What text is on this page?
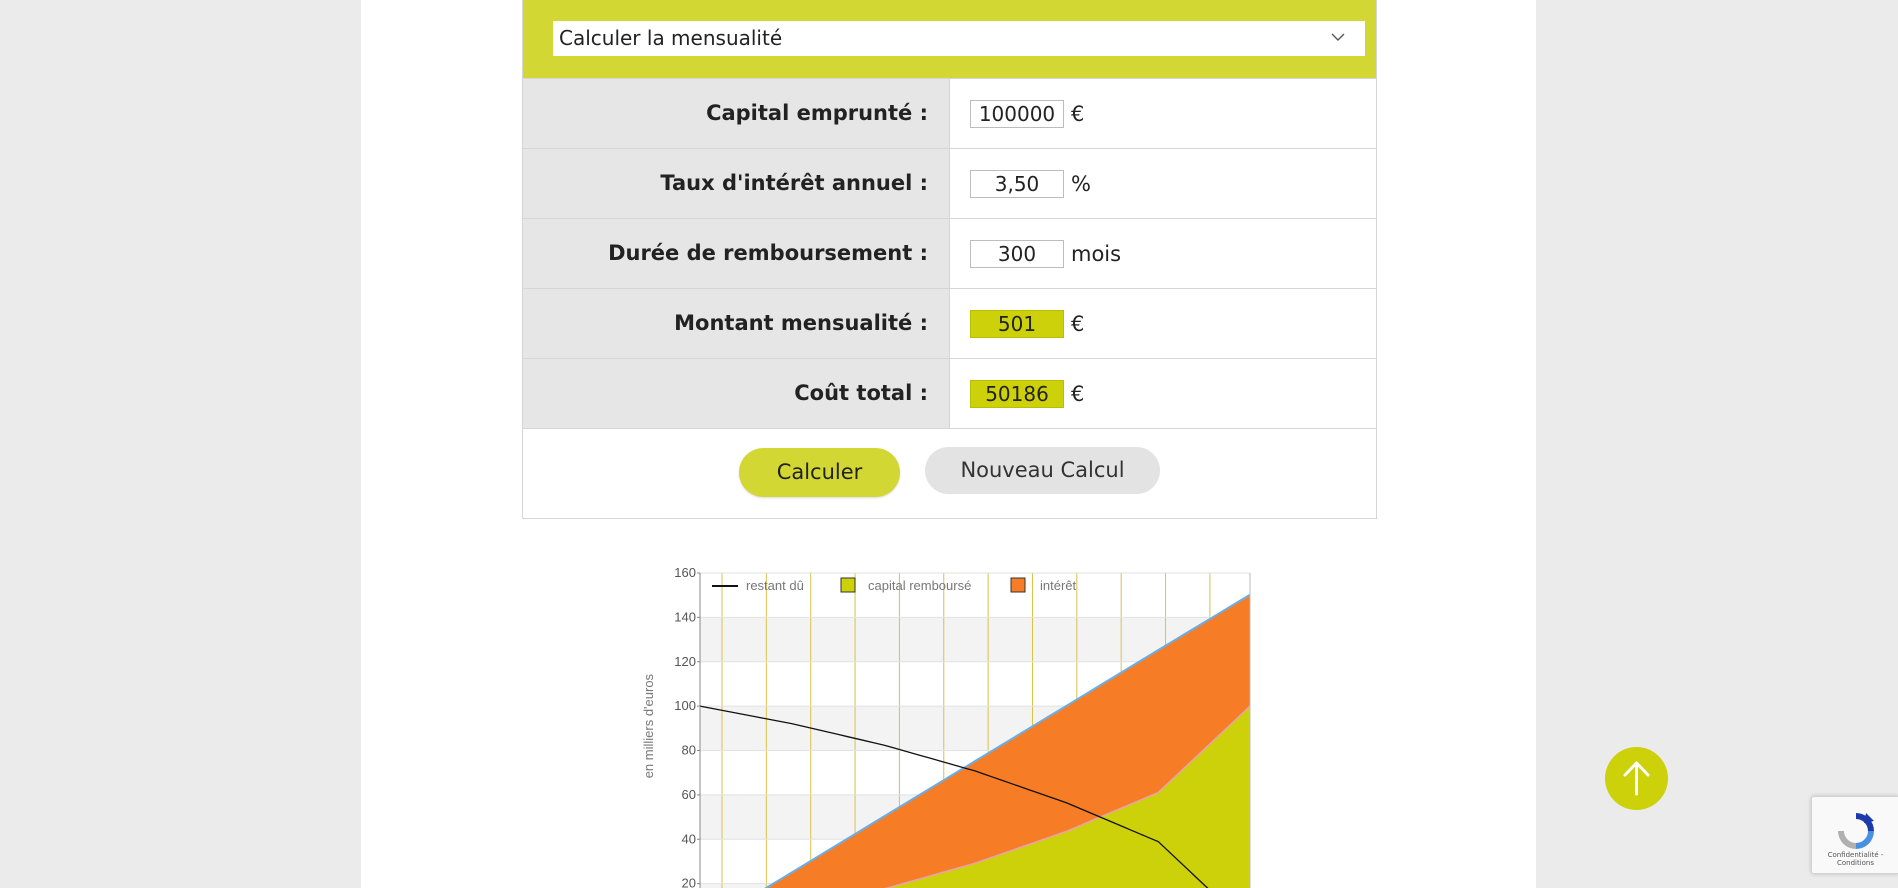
Calculer la mensualité
Capital emprunté :	100000 €
Taux d'intérêt annuel :	3,50	%
Durée de remboursement :	300	mois
Montant mensualité :	501	€
Coût total :	50186	€
Calculer	Nouveau Calcul
160
140
120
100
80
60
40
20
en milliers d'euros
restant dû	capital remboursé	intérêt
Confidentialité - Conditions
